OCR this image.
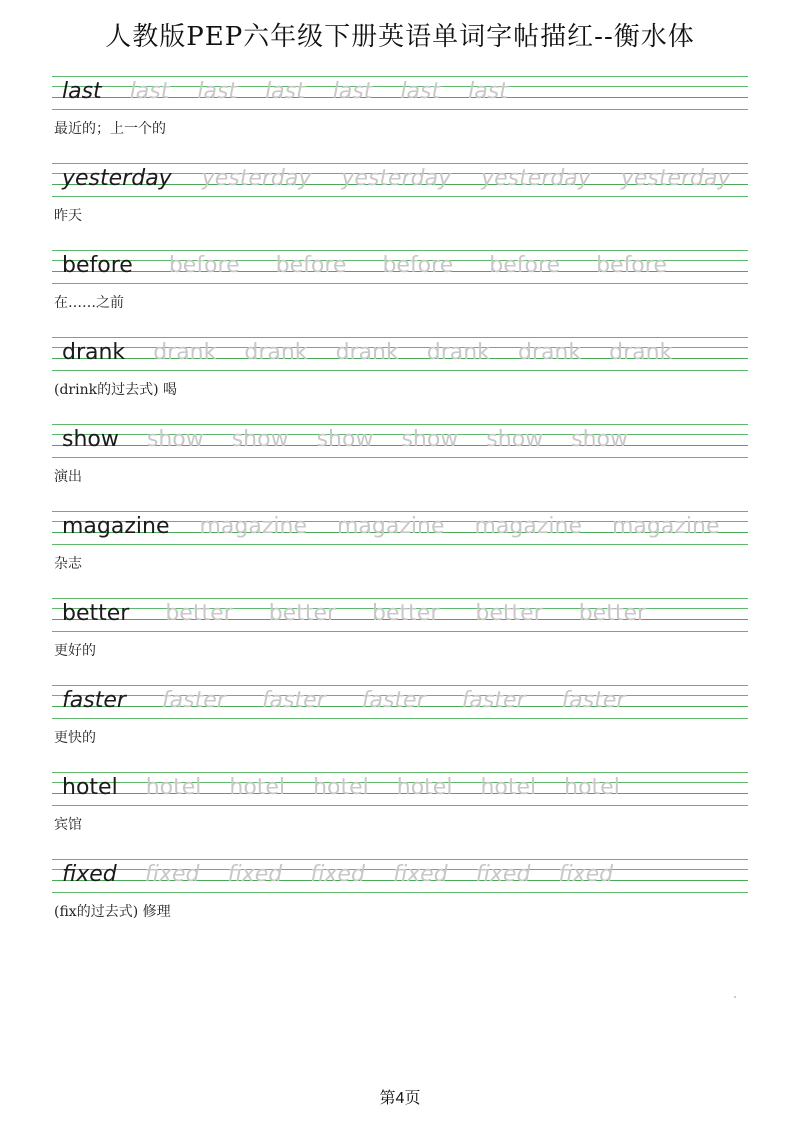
人教版PEP六年级下册英语单词字帖描红--衡水体
last last last last last last last
最近的；上一个的
yesterday yesterday yesterday yesterday yesterday
昨天
before before before before before before
在……之前
drank drank drank drank drank drank drank
(drink的过去式) 喝
show show show show show show show
演出
magazine magazine magazine magazine magazine
杂志
better better better better better better
更好的
faster faster faster faster faster faster
更快的
hotel hotel hotel hotel hotel hotel hotel
宾馆
fixed fixed fixed fixed fixed fixed fixed
(fix的过去式) 修理
第4页
